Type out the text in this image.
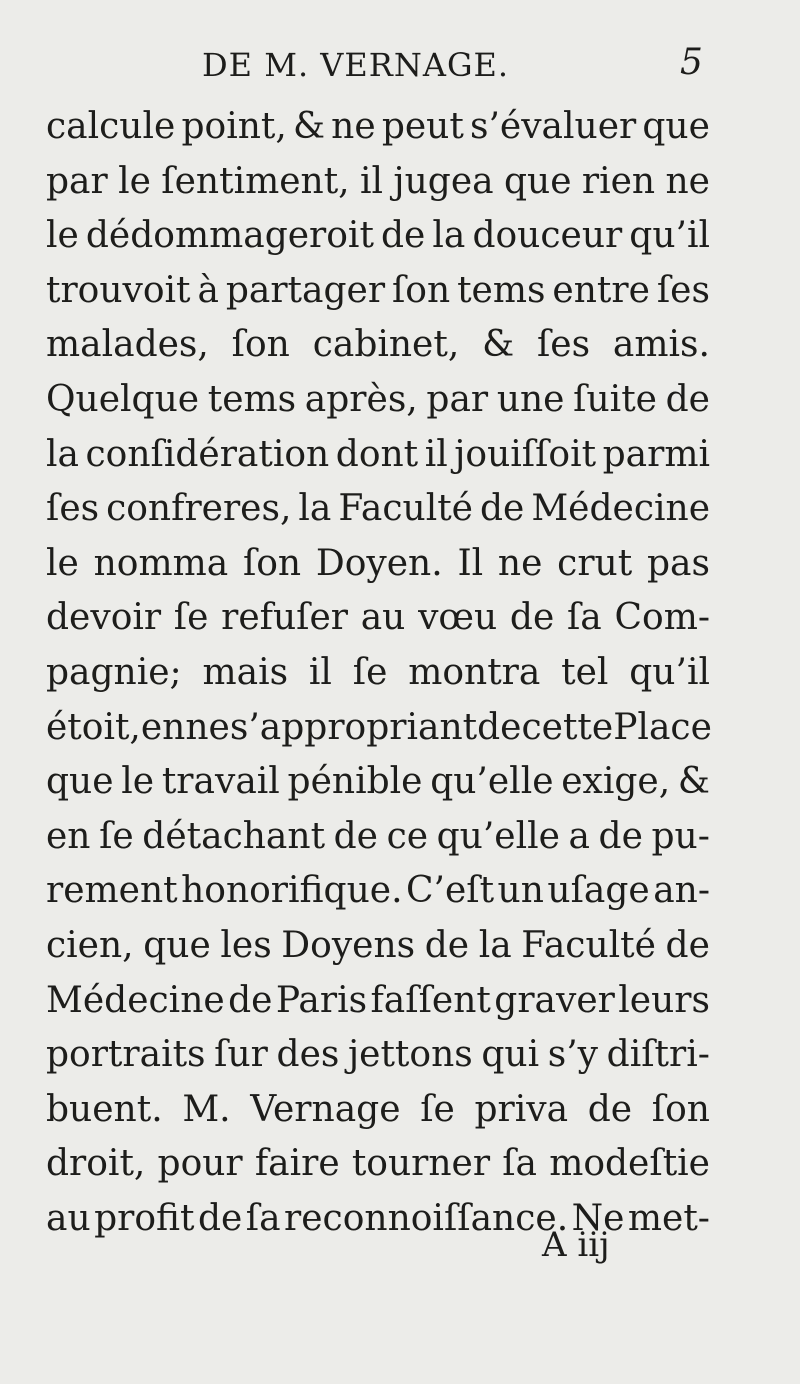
DE M. VERNAGE.	5
calcule point, & ne peut s’évaluer que
par le ſentiment, il jugea que rien ne
le dédommageroit de la douceur qu’il
trouvoit à partager ſon tems entre ſes
malades, ſon cabinet, & ſes amis.
Quelque tems après, par une ſuite de
la conſidération dont il jouiſſoit parmi
ſes confreres, la Faculté de Médecine
le nomma ſon Doyen. Il ne crut pas
devoir ſe refuſer au vœu de ſa Com-
pagnie; mais il ſe montra tel qu’il
étoit, en ne s’appropriant de cette Place
que le travail pénible qu’elle exige, &
en ſe détachant de ce qu’elle a de pu-
rement honorifique. C’eſt un uſage an-
cien, que les Doyens de la Faculté de
Médecine de Paris faſſent graver leurs
portraits ſur des jettons qui s’y diſtri-
buent. M. Vernage ſe priva de ſon
droit, pour faire tourner ſa modeſtie
au profit de ſa reconnoiſſance. Ne met-
A iij
